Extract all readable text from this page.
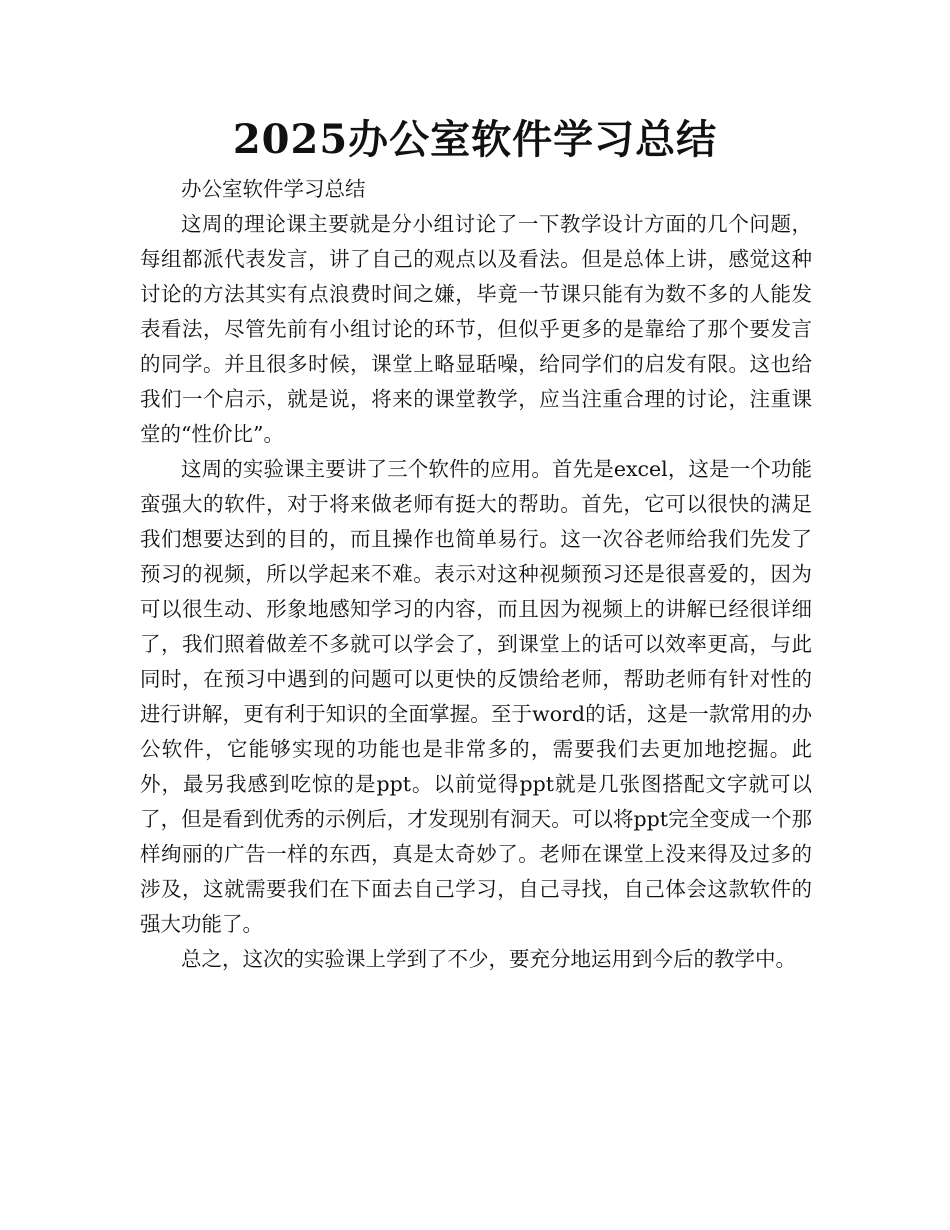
2025办公室软件学习总结

办公室软件学习总结

这周的理论课主要就是分小组讨论了一下教学设计方面的几个问题，每组都派代表发言，讲了自己的观点以及看法。但是总体上讲，感觉这种讨论的方法其实有点浪费时间之嫌，毕竟一节课只能有为数不多的人能发表看法，尽管先前有小组讨论的环节，但似乎更多的是靠给了那个要发言的同学。并且很多时候，课堂上略显聒噪，给同学们的启发有限。这也给我们一个启示，就是说，将来的课堂教学，应当注重合理的讨论，注重课堂的“性价比”。

这周的实验课主要讲了三个软件的应用。首先是excel，这是一个功能蛮强大的软件，对于将来做老师有挺大的帮助。首先，它可以很快的满足我们想要达到的目的，而且操作也简单易行。这一次谷老师给我们先发了预习的视频，所以学起来不难。表示对这种视频预习还是很喜爱的，因为可以很生动、形象地感知学习的内容，而且因为视频上的讲解已经很详细了，我们照着做差不多就可以学会了，到课堂上的话可以效率更高，与此同时，在预习中遇到的问题可以更快的反馈给老师，帮助老师有针对性的进行讲解，更有利于知识的全面掌握。至于word的话，这是一款常用的办公软件，它能够实现的功能也是非常多的，需要我们去更加地挖掘。此外，最另我感到吃惊的是ppt。以前觉得ppt就是几张图搭配文字就可以了，但是看到优秀的示例后，才发现别有洞天。可以将ppt完全变成一个那样绚丽的广告一样的东西，真是太奇妙了。老师在课堂上没来得及过多的涉及，这就需要我们在下面去自己学习，自己寻找，自己体会这款软件的强大功能了。

总之，这次的实验课上学到了不少，要充分地运用到今后的教学中。
